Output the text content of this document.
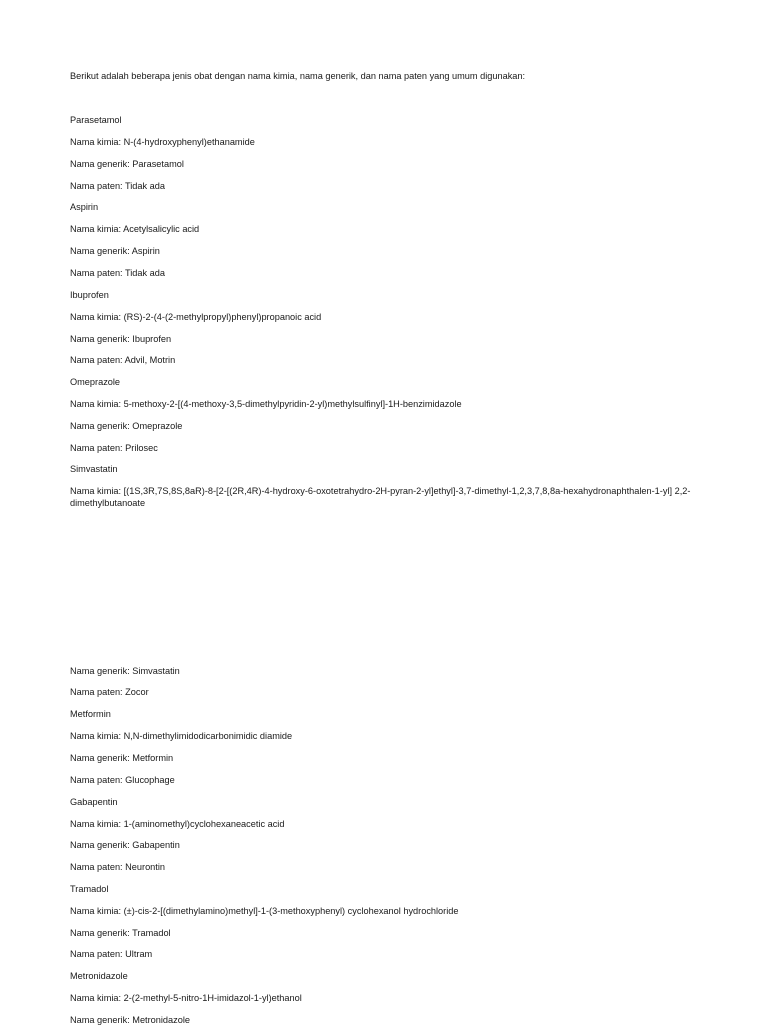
Berikut adalah beberapa jenis obat dengan nama kimia, nama generik, dan nama paten yang umum digunakan:
Parasetamol
Nama kimia: N-(4-hydroxyphenyl)ethanamide
Nama generik: Parasetamol
Nama paten: Tidak ada
Aspirin
Nama kimia: Acetylsalicylic acid
Nama generik: Aspirin
Nama paten: Tidak ada
Ibuprofen
Nama kimia: (RS)-2-(4-(2-methylpropyl)phenyl)propanoic acid
Nama generik: Ibuprofen
Nama paten: Advil, Motrin
Omeprazole
Nama kimia: 5-methoxy-2-[(4-methoxy-3,5-dimethylpyridin-2-yl)methylsulfinyl]-1H-benzimidazole
Nama generik: Omeprazole
Nama paten: Prilosec
Simvastatin
Nama kimia: [(1S,3R,7S,8S,8aR)-8-[2-[(2R,4R)-4-hydroxy-6-oxotetrahydro-2H-pyran-2-yl]ethyl]-3,7-dimethyl-1,2,3,7,8,8a-hexahydronaphthalen-1-yl] 2,2-dimethylbutanoate
Nama generik: Simvastatin
Nama paten: Zocor
Metformin
Nama kimia: N,N-dimethylimidodicarbonimidic diamide
Nama generik: Metformin
Nama paten: Glucophage
Gabapentin
Nama kimia: 1-(aminomethyl)cyclohexaneacetic acid
Nama generik: Gabapentin
Nama paten: Neurontin
Tramadol
Nama kimia: (±)-cis-2-[(dimethylamino)methyl]-1-(3-methoxyphenyl) cyclohexanol hydrochloride
Nama generik: Tramadol
Nama paten: Ultram
Metronidazole
Nama kimia: 2-(2-methyl-5-nitro-1H-imidazol-1-yl)ethanol
Nama generik: Metronidazole
